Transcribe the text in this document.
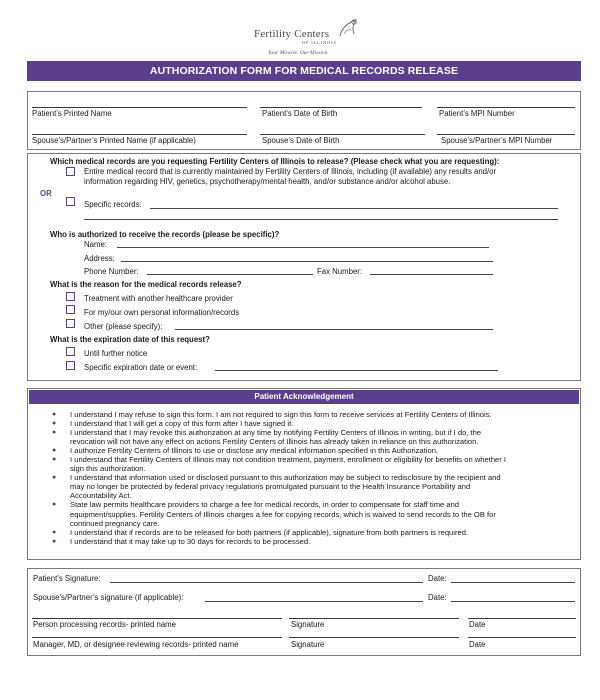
Fertility Centers
OF ILLINOIS
Your Miracle. Our Mission.
AUTHORIZATION FORM FOR MEDICAL RECORDS RELEASE
Patient’s Printed Name	Patient’s Date of Birth	Patient’s MPI Number
Spouse’s/Partner’s Printed Name (if applicable)	Spouse’s Date of Birth	Spouse’s/Partner’s MPI Number
Which medical records are you requesting Fertility Centers of Illinois to release? (Please check what you are requesting):
Entire medical record that is currently maintained by Fertility Centers of Illinois, including (if available) any results and/or
information regarding HIV, genetics, psychotherapy/mental health, and/or substance and/or alcohol abuse.
OR
Specific records:
Who is authorized to receive the records (please be specific)?
Name:
Address:
Phone Number:	Fax Number:
What is the reason for the medical records release?
Treatment with another healthcare provider
For my/our own personal information/records
Other (please specify):
What is the expiration date of this request?
Until further notice
Specific expiration date or event:
Patient Acknowledgement
● I understand I may refuse to sign this form. I am not required to sign this form to receive services at Fertility Centers of Illinois.
● I understand that I will get a copy of this form after I have signed it.
● I understand that I may revoke this authorization at any time by notifying Fertility Centers of Illinois in writing, but if I do, the
revocation will not have any effect on actions Fertility Centers of Illinois has already taken in reliance on this authorization.
● I authorize Fertility Centers of Illinois to use or disclose any medical information specified in this Authorization.
● I understand that Fertility Centers of Illinois may not condition treatment, payment, enrollment or eligibility for benefits on whether I
sign this authorization.
● I understand that information used or disclosed pursuant to this authorization may be subject to redisclosure by the recipient and
may no longer be protected by federal privacy regulations promulgated pursuant to the Health Insurance Portability and
Accountability Act.
● State law permits healthcare providers to charge a fee for medical records, in order to compensate for staff time and
equipment/supplies. Fertility Centers of Illinois charges a fee for copying records, which is waived to send records to the OB for
continued pregnancy care.
● I understand that if records are to be released for both partners (if applicable), signature from both partners is required.
● I understand that it may take up to 30 days for records to be processed.
Patient’s Signature:	Date:
Spouse’s/Partner’s signature (if applicable):	Date:
Person processing records- printed name	Signature	Date
Manager, MD, or designee reviewing records- printed name	Signature	Date
